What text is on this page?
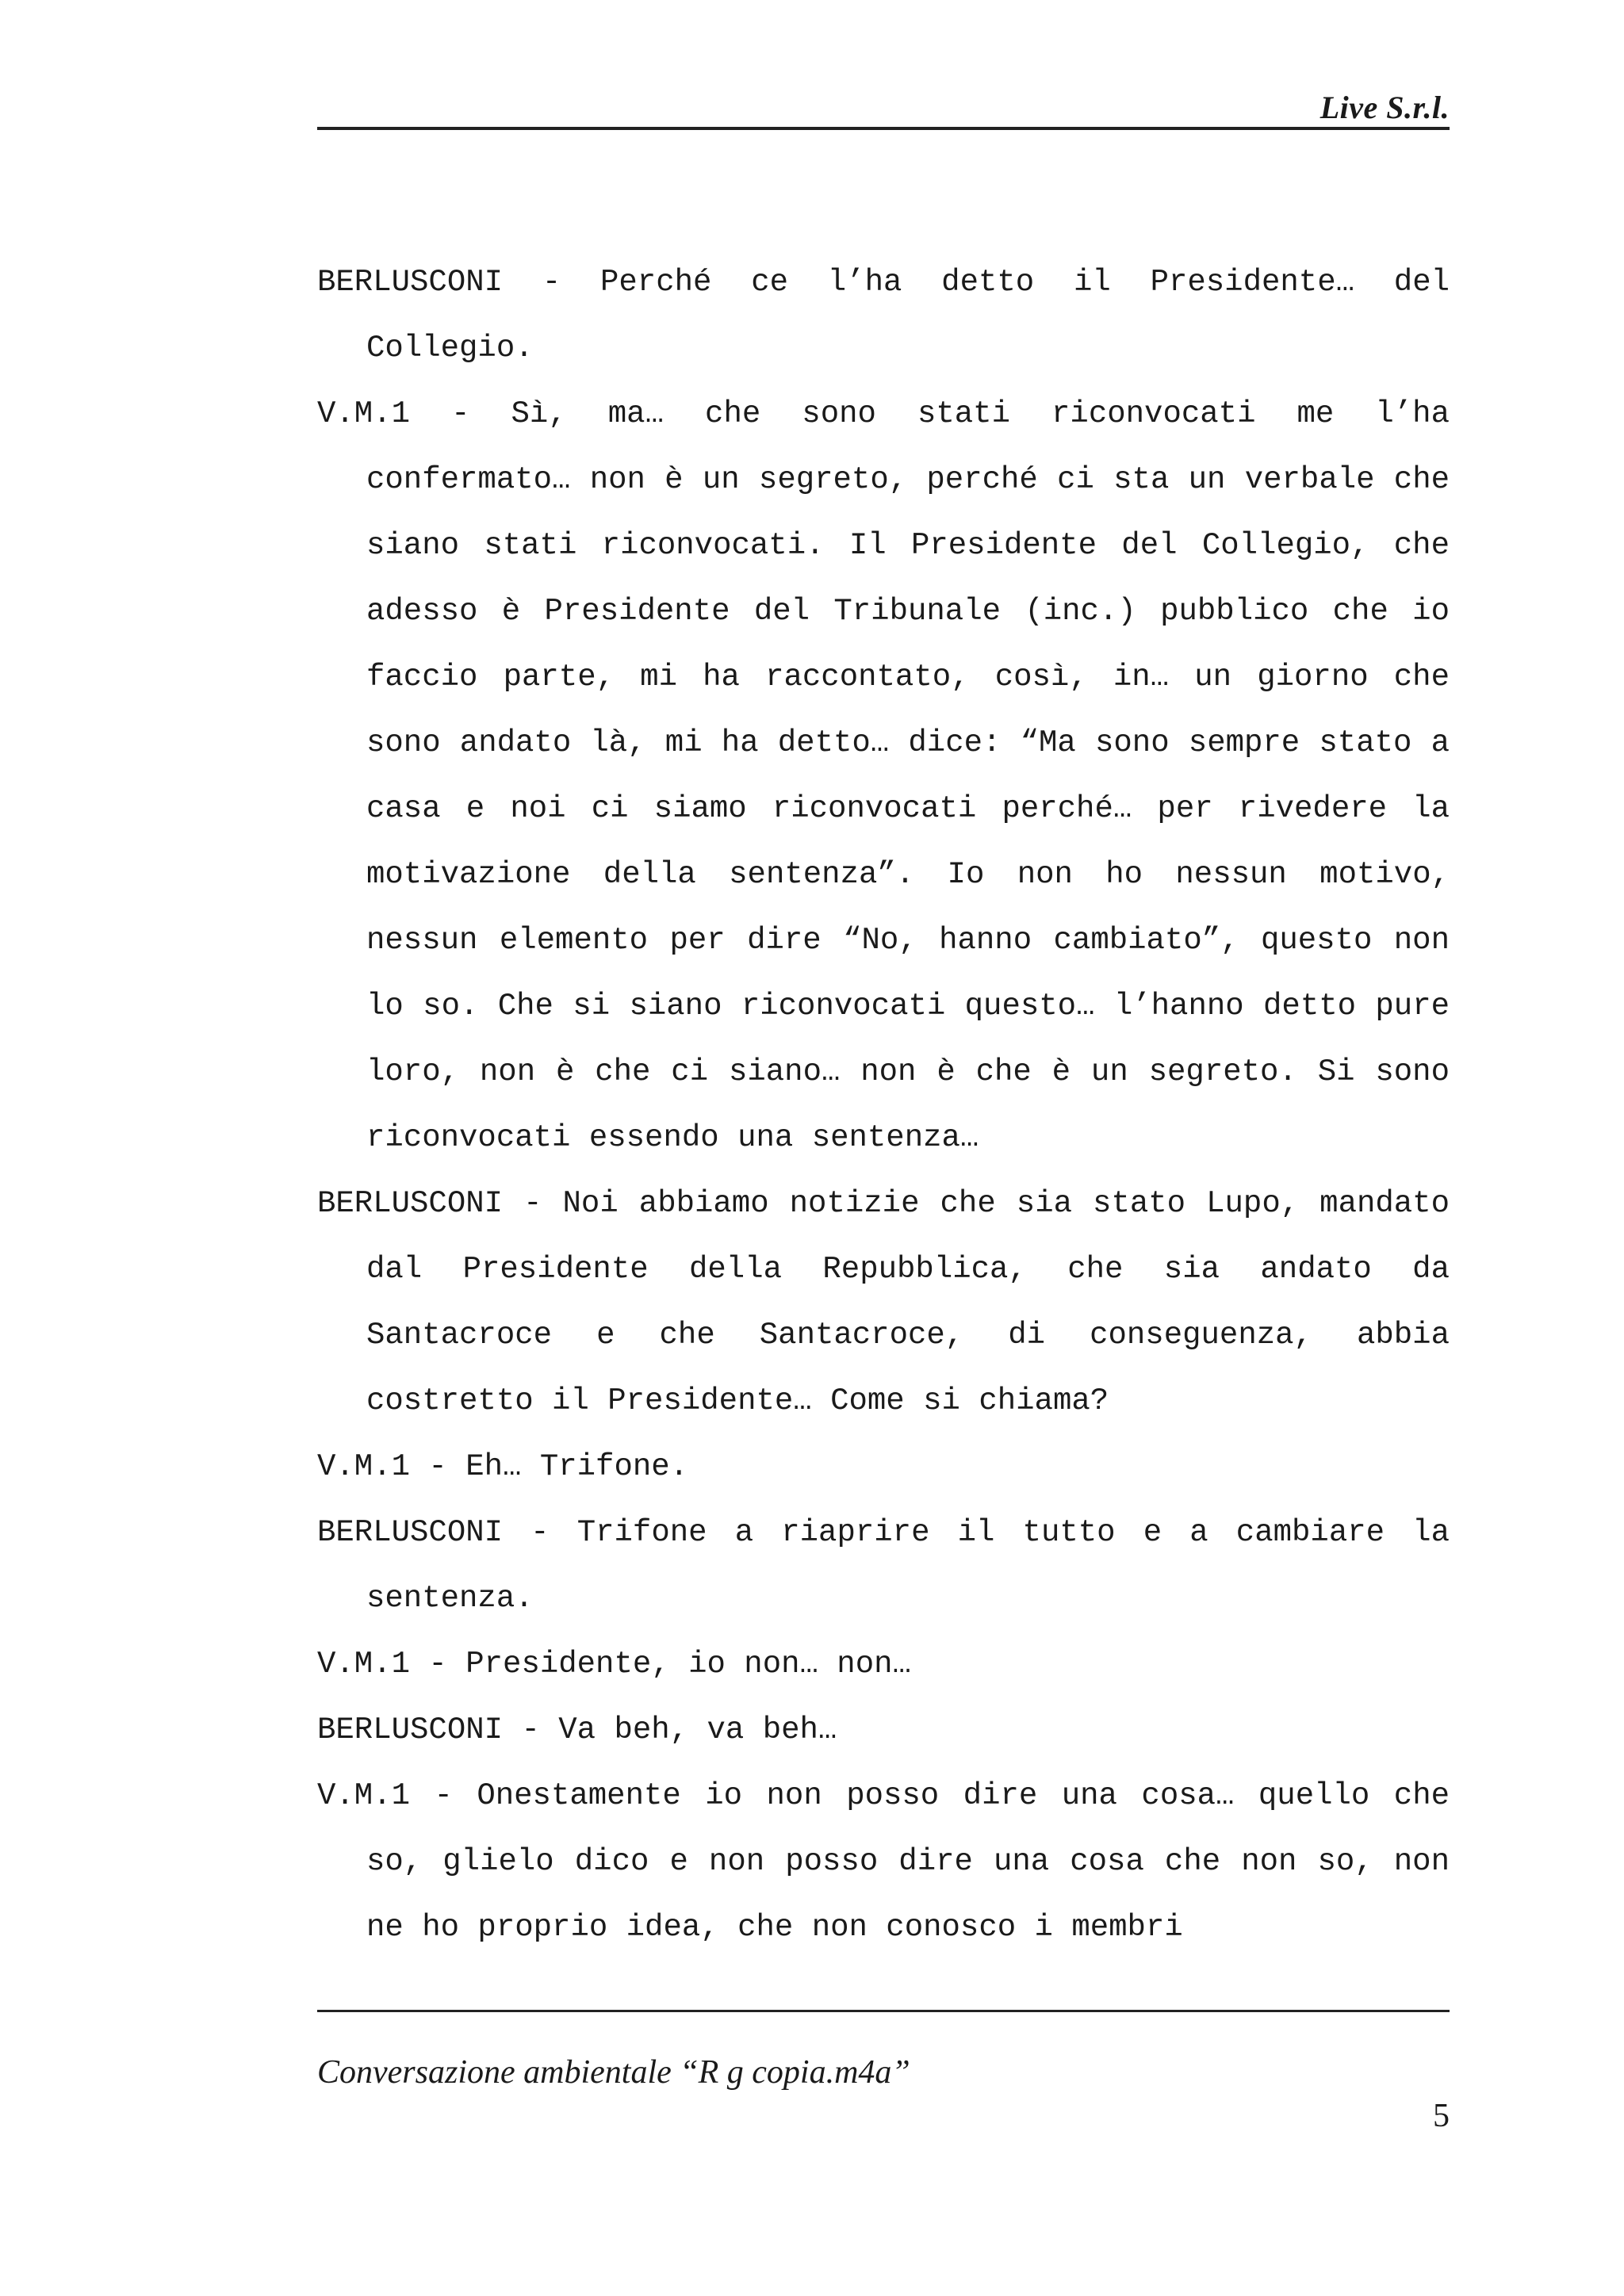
Live S.r.l.

BERLUSCONI - Perché ce l’ha detto il Presidente… del Collegio.

V.M.1 - Sì, ma… che sono stati riconvocati me l’ha confermato… non è un segreto, perché ci sta un verbale che siano stati riconvocati. Il Presidente del Collegio, che adesso è Presidente del Tribunale (inc.) pubblico che io faccio parte, mi ha raccontato, così, in… un giorno che sono andato là, mi ha detto… dice: “Ma sono sempre stato a casa e noi ci siamo riconvocati perché… per rivedere la motivazione della sentenza”. Io non ho nessun motivo, nessun elemento per dire “No, hanno cambiato”, questo non lo so. Che si siano riconvocati questo… l’hanno detto pure loro, non è che ci siano… non è che è un segreto. Si sono riconvocati essendo una sentenza…

BERLUSCONI - Noi abbiamo notizie che sia stato Lupo, mandato dal Presidente della Repubblica, che sia andato da Santacroce e che Santacroce, di conseguenza, abbia costretto il Presidente… Come si chiama?

V.M.1 - Eh… Trifone.

BERLUSCONI - Trifone a riaprire il tutto e a cambiare la sentenza.

V.M.1 - Presidente, io non… non…

BERLUSCONI - Va beh, va beh…

V.M.1 - Onestamente io non posso dire una cosa… quello che so, glielo dico e non posso dire una cosa che non so, non ne ho proprio idea, che non conosco i membri

Conversazione ambientale “R g copia.m4a”
5
